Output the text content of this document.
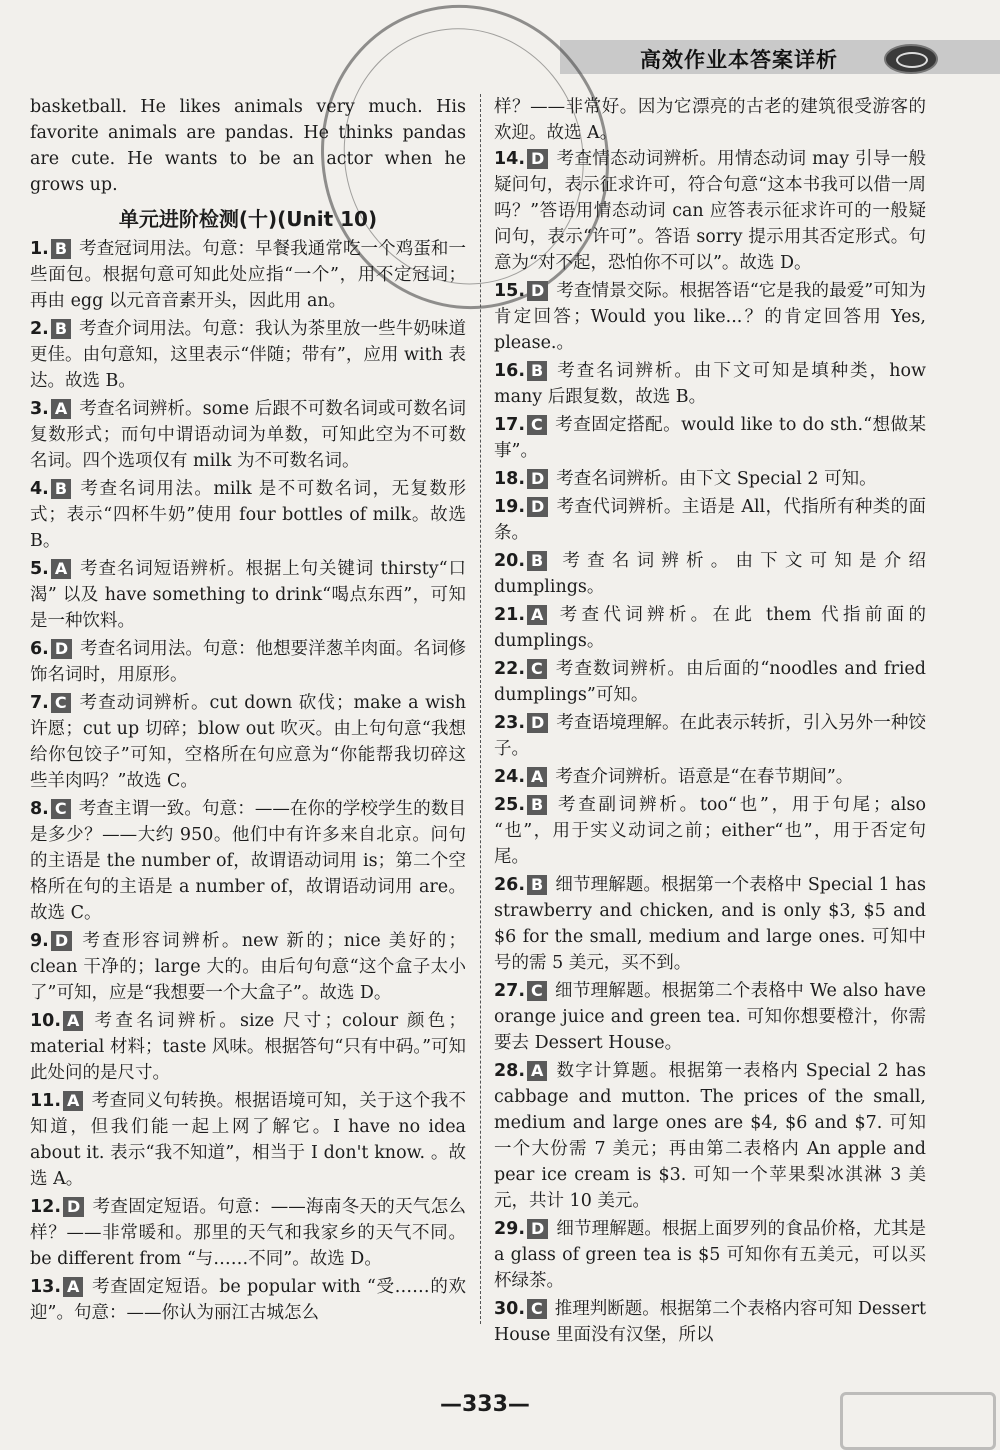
高效作业本答案详析

basketball. He likes animals very much. His favorite animals are pandas. He thinks pandas are cute. He wants to be an actor when he grows up.

单元进阶检测(十)(Unit 10)

1. B 考查冠词用法。句意：早餐我通常吃一个鸡蛋和一些面包。根据句意可知此处应指“一个”，用不定冠词；再由 egg 以元音音素开头，因此用 an。

2. B 考查介词用法。句意：我认为茶里放一些牛奶味道更佳。由句意知，这里表示“伴随；带有”，应用 with 表达。故选 B。

3. A 考查名词辨析。some 后跟不可数名词或可数名词复数形式；而句中谓语动词为单数，可知此空为不可数名词。四个选项仅有 milk 为不可数名词。

4. B 考查名词用法。milk 是不可数名词，无复数形式；表示“四杯牛奶”使用 four bottles of milk。故选 B。

5. A 考查名词短语辨析。根据上句关键词 thirsty“口渴” 以及 have something to drink“喝点东西”，可知是一种饮料。

6. D 考查名词用法。句意：他想要洋葱羊肉面。名词修饰名词时，用原形。

7. C 考查动词辨析。cut down 砍伐；make a wish 许愿；cut up 切碎；blow out 吹灭。由上句句意“我想给你包饺子”可知，空格所在句应意为“你能帮我切碎这些羊肉吗？”故选 C。

8. C 考查主谓一致。句意：——在你的学校学生的数目是多少？——大约 950。他们中有许多来自北京。问句的主语是 the number of，故谓语动词用 is；第二个空格所在句的主语是 a number of，故谓语动词用 are。故选 C。

9. D 考查形容词辨析。new 新的；nice 美好的；clean 干净的；large 大的。由后句句意“这个盒子太小了”可知，应是“我想要一个大盒子”。故选 D。

10. A 考查名词辨析。size 尺寸；colour 颜色；material 材料；taste 风味。根据答句“只有中码。”可知此处问的是尺寸。

11. A 考查同义句转换。根据语境可知，关于这个我不知道，但我们能一起上网了解它。I have no idea about it. 表示“我不知道”，相当于 I don't know. 。故选 A。

12. D 考查固定短语。句意：——海南冬天的天气怎么样？——非常暖和。那里的天气和我家乡的天气不同。be different from “与……不同”。故选 D。

13. A 考查固定短语。be popular with “受……的欢迎”。句意：——你认为丽江古城怎么

样？——非常好。因为它漂亮的古老的建筑很受游客的欢迎。故选 A。

14. D 考查情态动词辨析。用情态动词 may 引导一般疑问句，表示征求许可，符合句意“这本书我可以借一周吗？”答语用情态动词 can 应答表示征求许可的一般疑问句，表示“许可”。答语 sorry 提示用其否定形式。句意为“对不起，恐怕你不可以”。故选 D。

15. D 考查情景交际。根据答语“它是我的最爱”可知为肯定回答；Would you like...？的肯定回答用 Yes, please.。

16. B 考查名词辨析。由下文可知是填种类，how many 后跟复数，故选 B。

17. C 考查固定搭配。would like to do sth.“想做某事”。

18. D 考查名词辨析。由下文 Special 2 可知。

19. D 考查代词辨析。主语是 All，代指所有种类的面条。

20. B 考查名词辨析。由下文可知是介绍 dumplings。

21. A 考查代词辨析。在此 them 代指前面的 dumplings。

22. C 考查数词辨析。由后面的“noodles and fried dumplings”可知。

23. D 考查语境理解。在此表示转折，引入另外一种饺子。

24. A 考查介词辨析。语意是“在春节期间”。

25. B 考查副词辨析。too“也”，用于句尾；also “也”，用于实义动词之前；either“也”，用于否定句尾。

26. B 细节理解题。根据第一个表格中 Special 1 has strawberry and chicken, and is only $3, $5 and $6 for the small, medium and large ones. 可知中号的需 5 美元，买不到。

27. C 细节理解题。根据第二个表格中 We also have orange juice and green tea. 可知你想要橙汁，你需要去 Dessert House。

28. A 数字计算题。根据第一表格内 Special 2 has cabbage and mutton. The prices of the small, medium and large ones are $4, $6 and $7. 可知一个大份需 7 美元；再由第二表格内 An apple and pear ice cream is $3. 可知一个苹果梨冰淇淋 3 美元，共计 10 美元。

29. D 细节理解题。根据上面罗列的食品价格，尤其是 a glass of green tea is $5 可知你有五美元，可以买杯绿茶。

30. C 推理判断题。根据第二个表格内容可知 Dessert House 里面没有汉堡，所以

—333—
